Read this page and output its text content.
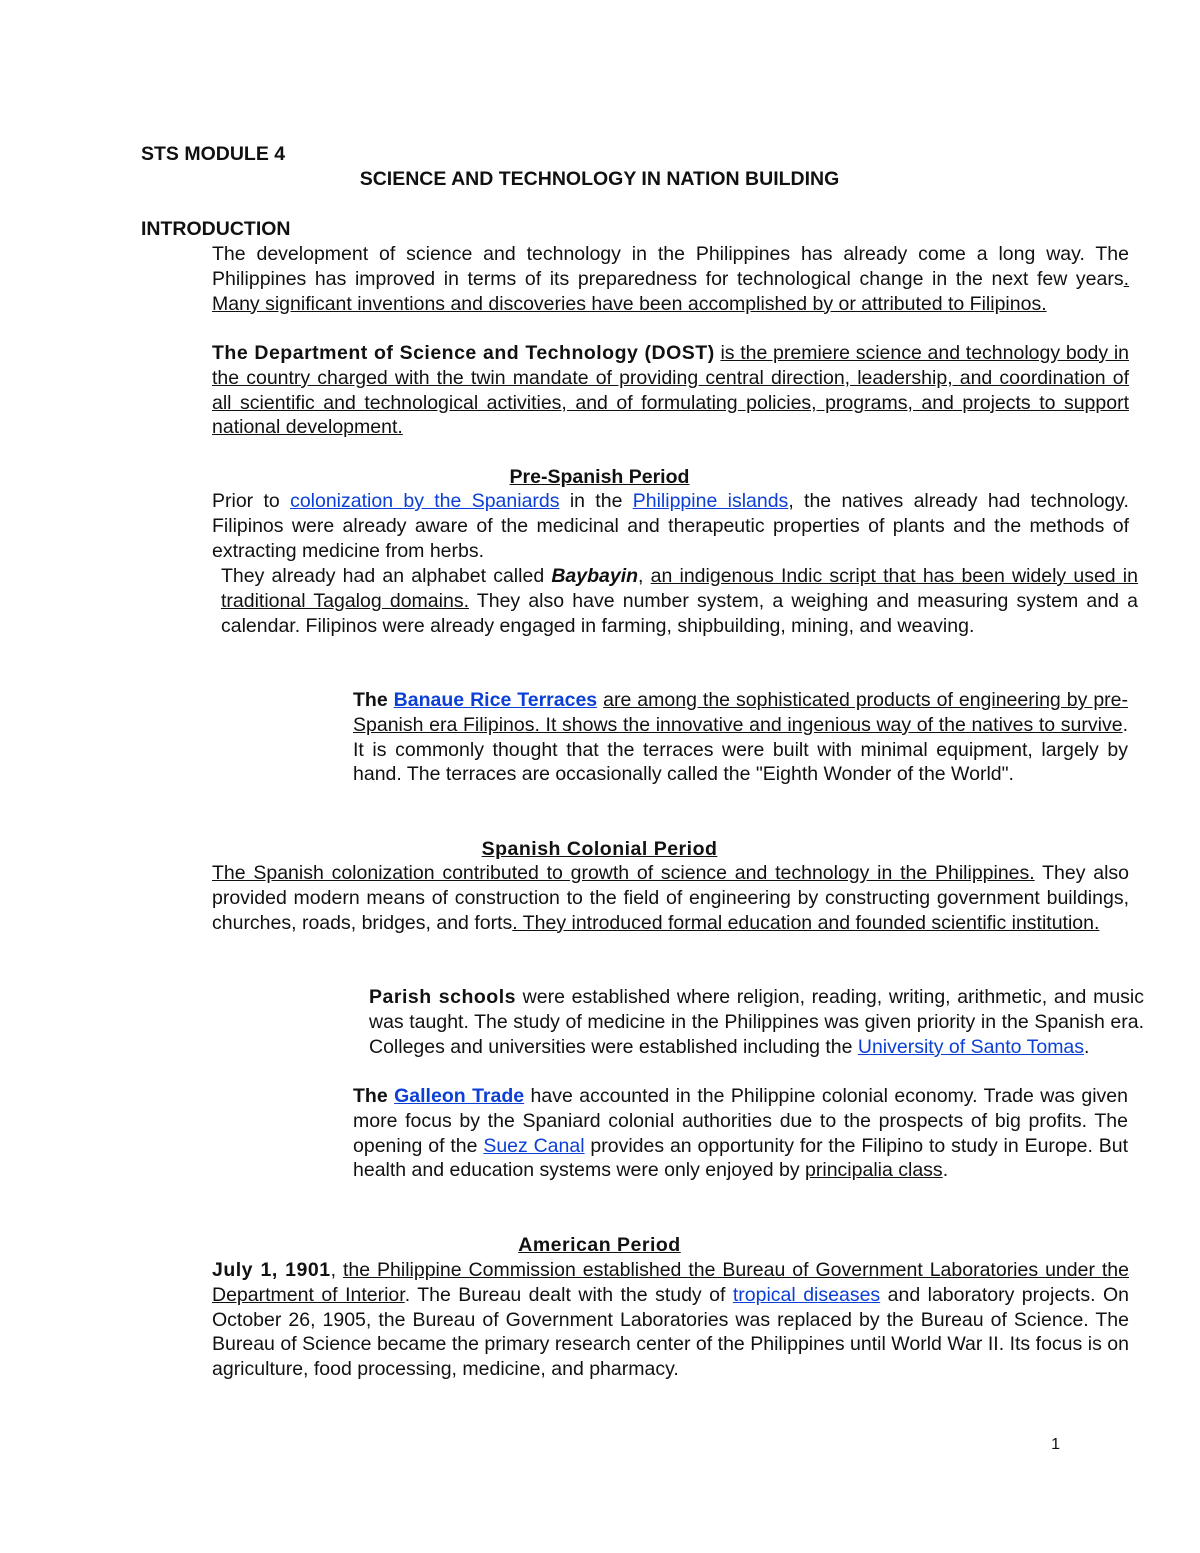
STS MODULE 4

SCIENCE AND TECHNOLOGY IN NATION BUILDING

INTRODUCTION

The development of science and technology in the Philippines has already come a long way. The Philippines has improved in terms of its preparedness for technological change in the next few years. Many significant inventions and discoveries have been accomplished by or attributed to Filipinos.

The Department of Science and Technology (DOST) is the premiere science and technology body in the country charged with the twin mandate of providing central direction, leadership, and coordination of all scientific and technological activities, and of formulating policies, programs, and projects to support national development.

Pre-Spanish Period

Prior to colonization by the Spaniards in the Philippine islands, the natives already had technology. Filipinos were already aware of the medicinal and therapeutic properties of plants and the methods of extracting medicine from herbs.

They already had an alphabet called Baybayin, an indigenous Indic script that has been widely used in traditional Tagalog domains. They also have number system, a weighing and measuring system and a calendar. Filipinos were already engaged in farming, shipbuilding, mining, and weaving.

The Banaue Rice Terraces are among the sophisticated products of engineering by pre-Spanish era Filipinos. It shows the innovative and ingenious way of the natives to survive. It is commonly thought that the terraces were built with minimal equipment, largely by hand. The terraces are occasionally called the "Eighth Wonder of the World".

Spanish Colonial Period

The Spanish colonization contributed to growth of science and technology in the Philippines. They also provided modern means of construction to the field of engineering by constructing government buildings, churches, roads, bridges, and forts. They introduced formal education and founded scientific institution.

Parish schools were established where religion, reading, writing, arithmetic, and music was taught. The study of medicine in the Philippines was given priority in the Spanish era. Colleges and universities were established including the University of Santo Tomas.

The Galleon Trade have accounted in the Philippine colonial economy. Trade was given more focus by the Spaniard colonial authorities due to the prospects of big profits. The opening of the Suez Canal provides an opportunity for the Filipino to study in Europe. But health and education systems were only enjoyed by principalia class.

American Period

July 1, 1901, the Philippine Commission established the Bureau of Government Laboratories under the Department of Interior. The Bureau dealt with the study of tropical diseases and laboratory projects. On October 26, 1905, the Bureau of Government Laboratories was replaced by the Bureau of Science. The Bureau of Science became the primary research center of the Philippines until World War II. Its focus is on agriculture, food processing, medicine, and pharmacy.

1
